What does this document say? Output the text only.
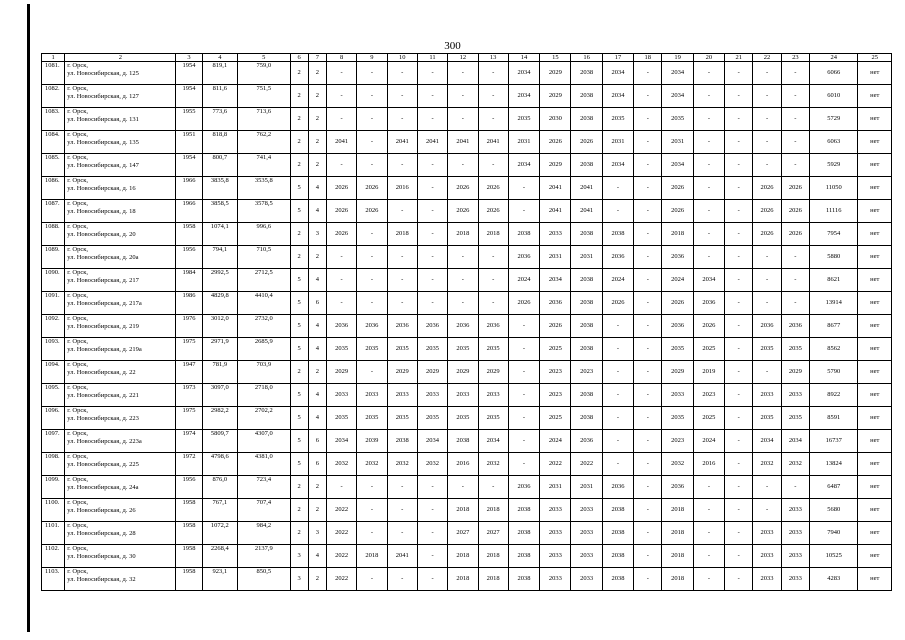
300
1	2	3	4	5	6	7	8	9	10	11	12	13	14	15	16	17	18	19	20	21	22	23	24	25
1081.	г. Орск,
ул. Новосибирская, д. 125	1954	819,1	759,0	2	2	-	-	-	-	-	-	2034	2029	2038	2034	-	2034	-	-	-	-	6066	нет
1082.	г. Орск,
ул. Новосибирская, д. 127	1954	811,6	751,5	2	2	-	-	-	-	-	-	2034	2029	2038	2034	-	2034	-	-	-	-	6010	нет
1083.	г. Орск,
ул. Новосибирская, д. 131	1955	773,6	713,6	2	2	-	-	-	-	-	-	2035	2030	2038	2035	-	2035	-	-	-	-	5729	нет
1084.	г. Орск,
ул. Новосибирская, д. 135	1951	818,8	762,2	2	2	2041	-	2041	2041	2041	2041	2031	2026	2026	2031	-	2031	-	-	-	-	6063	нет
1085.	г. Орск,
ул. Новосибирская, д. 147	1954	800,7	741,4	2	2	-	-	-	-	-	-	2034	2029	2038	2034	-	2034	-	-	-	-	5929	нет
1086.	г. Орск,
ул. Новосибирская, д. 16	1966	3835,8	3535,8	5	4	2026	2026	2016	-	2026	2026	-	2041	2041	-	-	2026	-	-	2026	2026	11050	нет
1087.	г. Орск,
ул. Новосибирская, д. 18	1966	3858,5	3578,5	5	4	2026	2026	-	-	2026	2026	-	2041	2041	-	-	2026	-	-	2026	2026	11116	нет
1088.	г. Орск,
ул. Новосибирская, д. 20	1958	1074,1	996,6	2	3	2026	-	2018	-	2018	2018	2038	2033	2038	2038	-	2018	-	-	2026	2026	7954	нет
1089.	г. Орск,
ул. Новосибирская, д. 20а	1956	794,1	710,5	2	2	-	-	-	-	-	-	2036	2031	2031	2036	-	2036	-	-	-	-	5880	нет
1090.	г. Орск,
ул. Новосибирская, д. 217	1984	2992,5	2712,5	5	4	-	-	-	-	-	-	2024	2034	2038	2024	-	2024	2034	-	-	-	8621	нет
1091.	г. Орск,
ул. Новосибирская, д. 217а	1986	4829,8	4410,4	5	6	-	-	-	-	-	-	2026	2036	2038	2026	-	2026	2036	-	-	-	13914	нет
1092.	г. Орск,
ул. Новосибирская, д. 219	1976	3012,0	2732,0	5	4	2036	2036	2036	2036	2036	2036	-	2026	2038	-	-	2036	2026	-	2036	2036	8677	нет
1093.	г. Орск,
ул. Новосибирская, д. 219а	1975	2971,9	2685,9	5	4	2035	2035	2035	2035	2035	2035	-	2025	2038	-	-	2035	2025	-	2035	2035	8562	нет
1094.	г. Орск,
ул. Новосибирская, д. 22	1947	781,9	703,9	2	2	2029	-	2029	2029	2029	2029	-	2023	2023	-	-	2029	2019	-	-	2029	5790	нет
1095.	г. Орск,
ул. Новосибирская, д. 221	1973	3097,0	2718,0	5	4	2033	2033	2033	2033	2033	2033	-	2023	2038	-	-	2033	2023	-	2033	2033	8922	нет
1096.	г. Орск,
ул. Новосибирская, д. 223	1975	2982,2	2702,2	5	4	2035	2035	2035	2035	2035	2035	-	2025	2038	-	-	2035	2025	-	2035	2035	8591	нет
1097.	г. Орск,
ул. Новосибирская, д. 223а	1974	5809,7	4307,0	5	6	2034	2039	2038	2034	2038	2034	-	2024	2036	-	-	2023	2024	-	2034	2034	16737	нет
1098.	г. Орск,
ул. Новосибирская, д. 225	1972	4798,6	4381,0	5	6	2032	2032	2032	2032	2016	2032	-	2022	2022	-	-	2032	2016	-	2032	2032	13824	нет
1099.	г. Орск,
ул. Новосибирская, д. 24а	1956	876,0	723,4	2	2	-	-	-	-	-	-	2036	2031	2031	2036	-	2036	-	-	-	-	6487	нет
1100.	г. Орск,
ул. Новосибирская, д. 26	1958	767,1	707,4	2	2	2022	-	-	-	2018	2018	2038	2033	2033	2038	-	2018	-	-	-	2033	5680	нет
1101.	г. Орск,
ул. Новосибирская, д. 28	1958	1072,2	984,2	2	3	2022	-	-	-	2027	2027	2038	2033	2033	2038	-	2018	-	-	2033	2033	7940	нет
1102.	г. Орск,
ул. Новосибирская, д. 30	1958	2268,4	2137,9	3	4	2022	2018	2041	-	2018	2018	2038	2033	2033	2038	-	2018	-	-	2033	2033	10525	нет
1103.	г. Орск,
ул. Новосибирская, д. 32	1958	923,1	850,5	3	2	2022	-	-	-	2018	2018	2038	2033	2033	2038	-	2018	-	-	2033	2033	4283	нет
